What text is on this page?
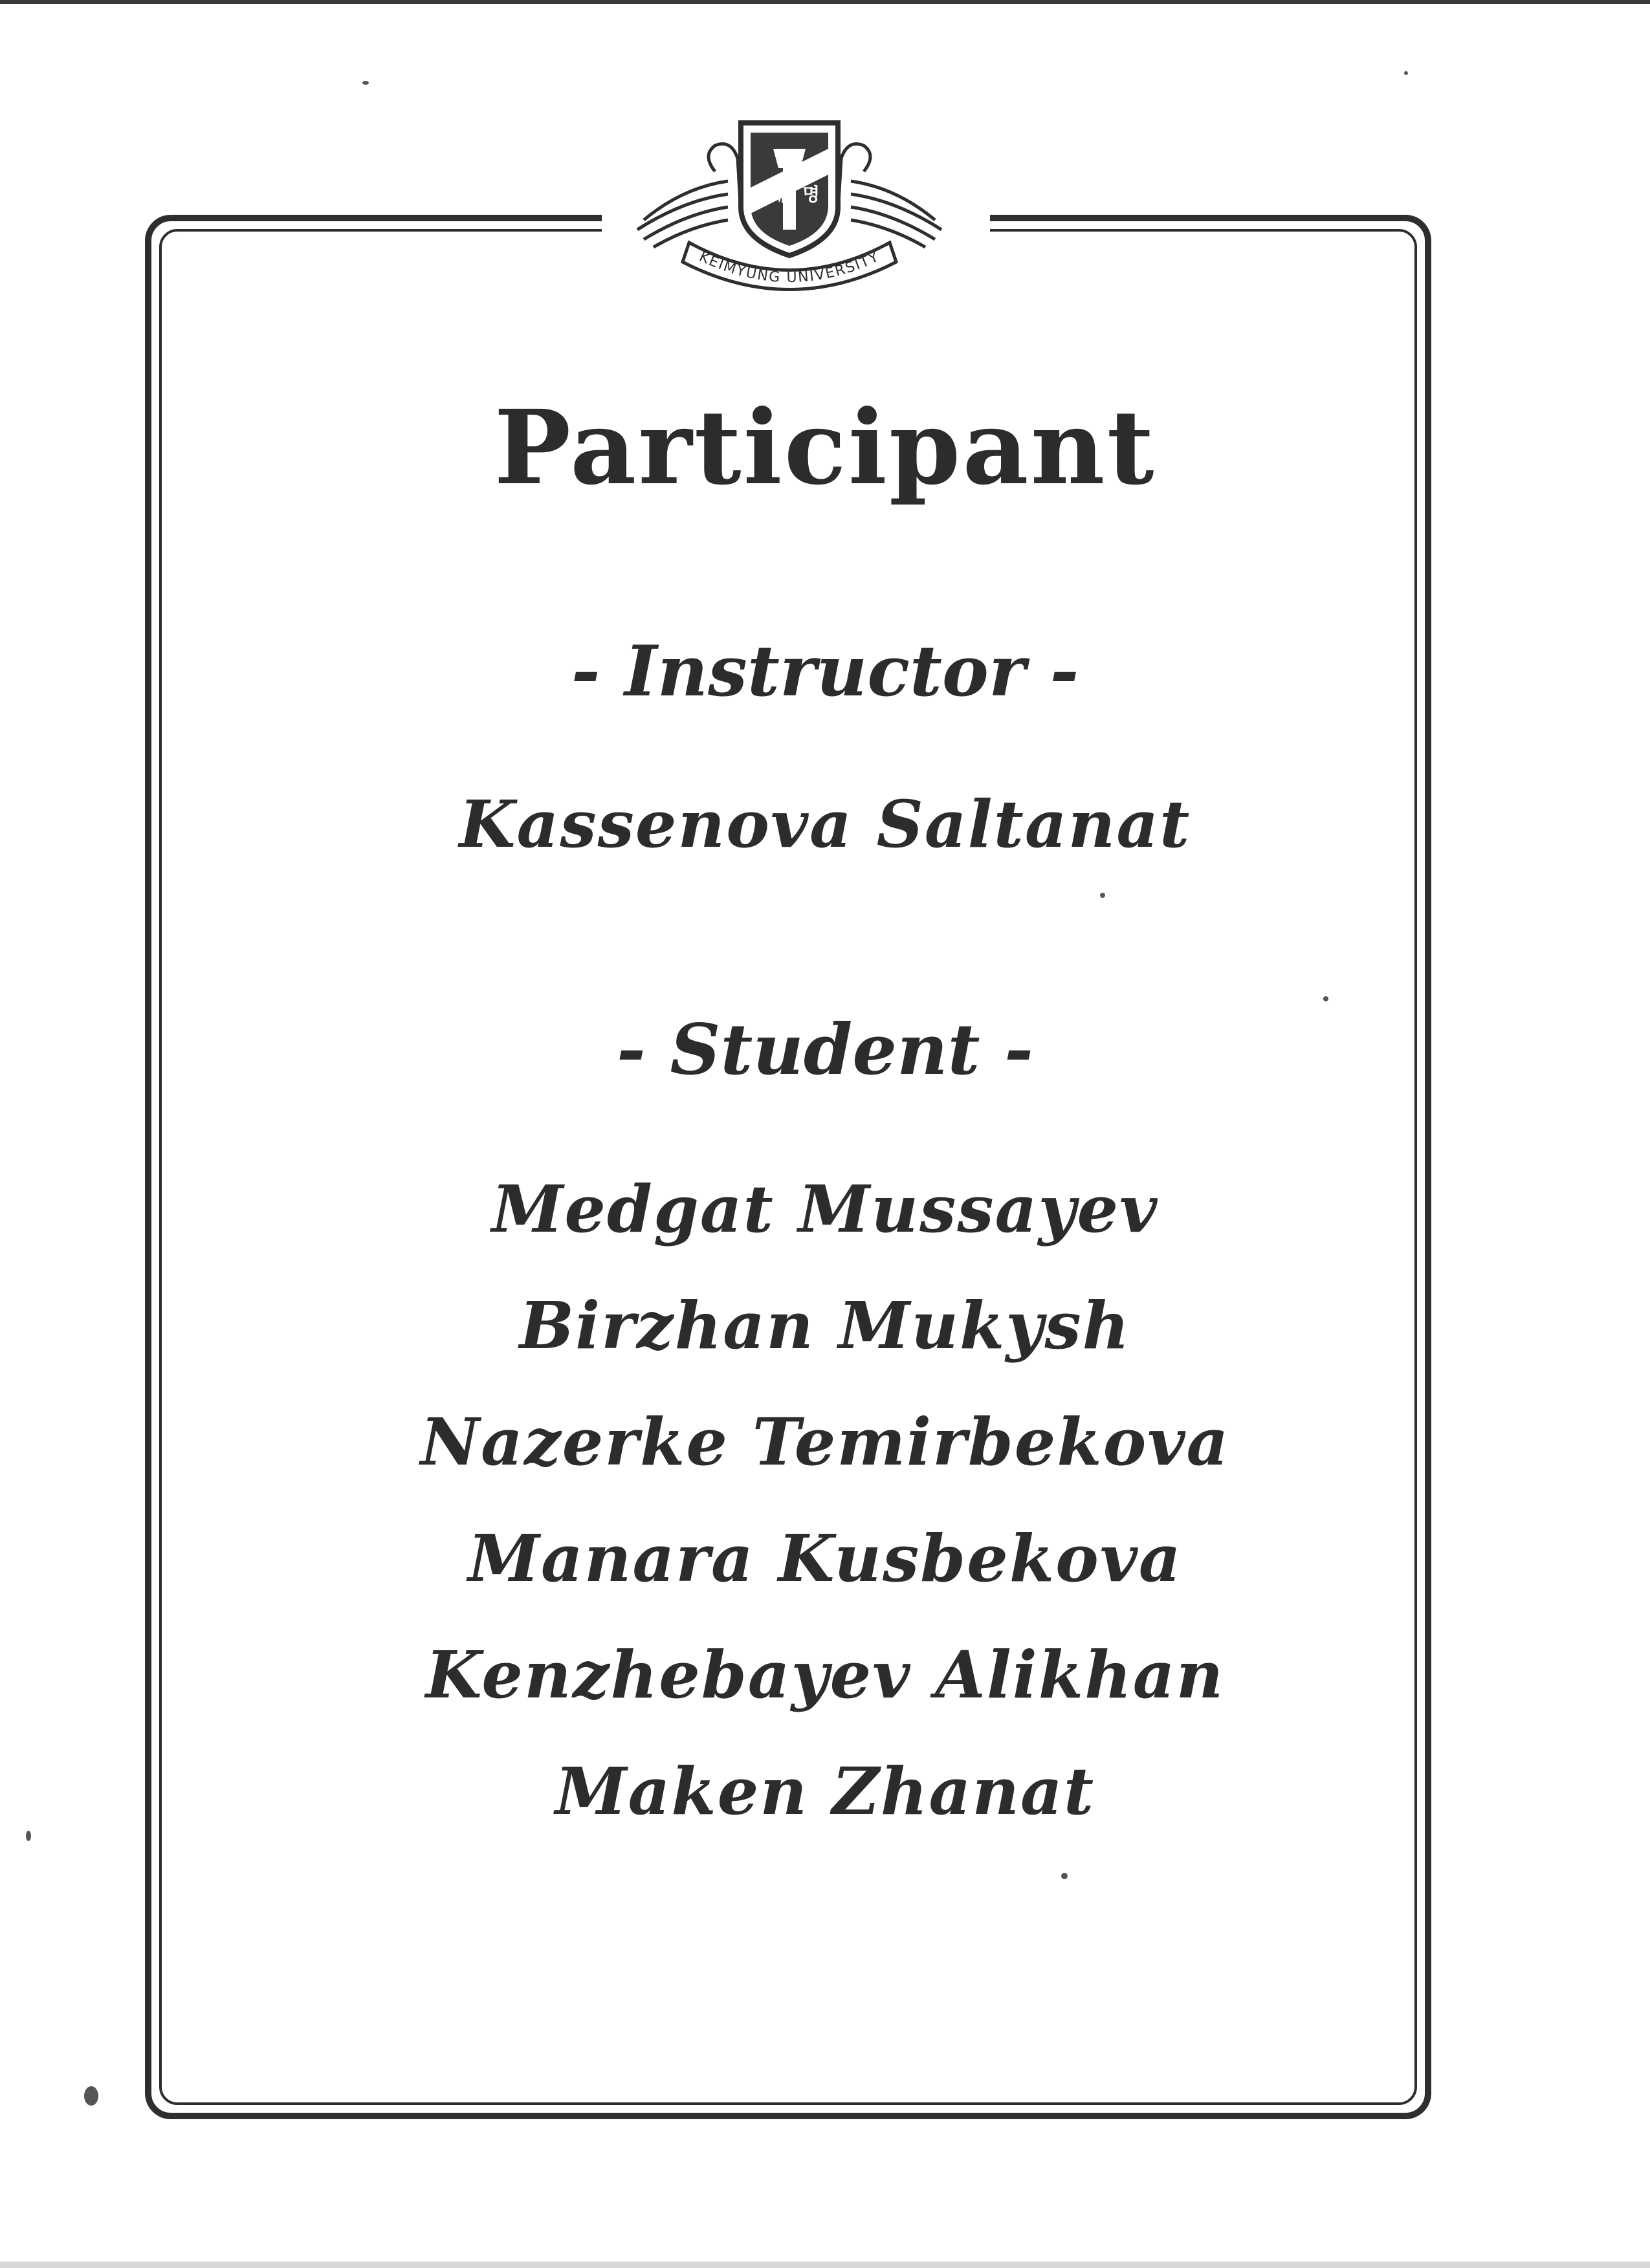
계 명
KEIMYUNG UNIVERSITY
Participant
- Instructor -
Kassenova Saltanat
- Student -
Medgat Mussayev
Birzhan Mukysh
Nazerke Temirbekova
Manara Kusbekova
Kenzhebayev Alikhan
Maken Zhanat
